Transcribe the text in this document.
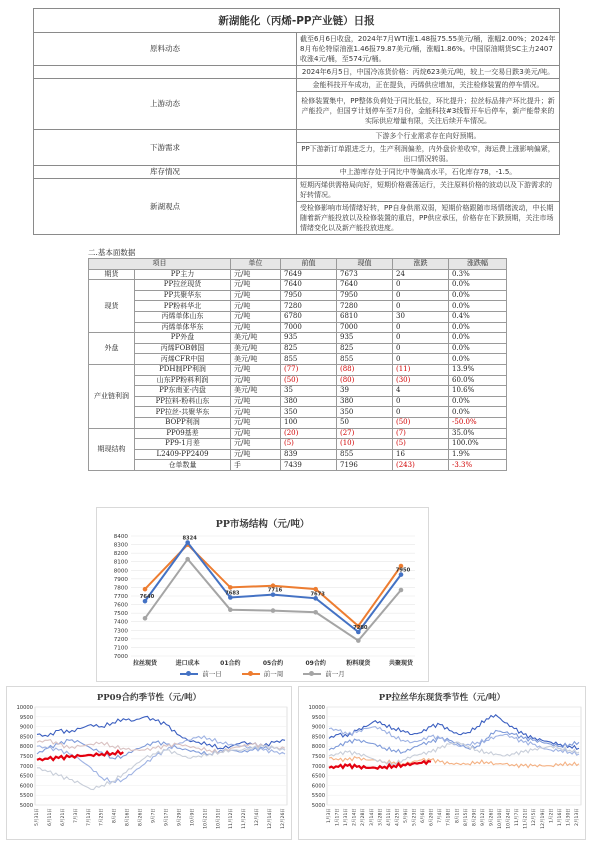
新湖能化（丙烯-PP产业链）日报	
原料动态	截至6月6日收盘，2024年7月WTI涨1.48报75.55美元/桶，涨幅2.00%；2024年8月布伦特原油涨1.46报79.87美元/桶，涨幅1.86%。中国原油期货SC主力2407收涨4元/桶，至574元/桶。
	2024年6月5日，中国冷冻货价格：丙烷623美元/吨，较上一交易日跌3美元/吨。
上游动态	金能科技开车成功，正在提负，丙烯供应增加，关注检修装置的停车情况。
	检修装置集中，PP整体负荷处于同比低位，环比提升；拉丝标品排产环比提升；新产能投产，但国亨计划停车至7月份，金能科技#3线暂开车后停车，新产能带来的实际供应增量有限，关注后续开车情况。
下游需求	下游多个行业需求存在向好预期。
	PP下游新订单跟进乏力，生产利润偏差，内外盘价差收窄，海运费上涨影响偏紧，出口情况转弱。
库存情况	中上游库存处于同比中等偏高水平，石化库存78，-1.5。
新湖观点	短期丙烯供需格局向好，短期价格震荡运行，关注原料价格的波动以及下游需求的好转情况。
	受检修影响市场情绪好转，PP自身供需双弱，短期价格跟随市场情绪波动，中长期随着新产能投放以及检修装置的重启，PP供应承压，价格存在下跌预期，关注市场情绪变化以及新产能投放进度。
二.基本面数据
项目		单位	前值	现值	涨跌	涨跌幅
期货	PP主力	元/吨	7649	7673	24	0.3%
现货	PP拉丝现货	元/吨	7640	7640	0	0.0%
	PP共聚华东	元/吨	7950	7950	0	0.0%
	PP粉料华北	元/吨	7280	7280	0	0.0%
	丙烯单体山东	元/吨	6780	6810	30	0.4%
	丙烯单体华东	元/吨	7000	7000	0	0.0%
外盘	PP外盘	美元/吨	935	935	0	0.0%
	丙烯FOB韩国	美元/吨	825	825	0	0.0%
	丙烯CFR中国	美元/吨	855	855	0	0.0%
产业链利润	PDH制PP利润	元/吨	(77)	(88)	(11)	13.9%
	山东PP粉料利润	元/吨	(50)	(80)	(30)	60.0%
	PP东南亚-内盘	美元/吨	35	39	4	10.6%
	PP拉料-粉料山东	元/吨	380	380	0	0.0%
	PP拉丝-共聚华东	元/吨	350	350	0	0.0%
	BOPP利润	元/吨	100	50	(50)	-50.0%
期现结构	PP09基差	元/吨	(20)	(27)	(7)	35.0%
	PP9-1月差	元/吨	(5)	(10)	(5)	100.0%
	L2409-PP2409	元/吨	839	855	16	1.9%
	仓单数量	手	7439	7196	(243)	-3.3%
PP市场结构（元/吨）
7000
7100
7200
7300
7400
7500
7600
7700
7800
7900
8000
8100
8200
8300
8400
拉丝现货	进口成本	01合约	05合约	09合约	粉料现货	共聚现货
7640
8324
7683	7716
7673
7280
7950
前一日	前一周	前一月
PP09合约季节性（元/吨）
5000
5500
6000
6500
7000
7500
8000
8500
9000
9500
10000
5月31日	6月11日	6月21日	7月3日	7月13日	7月25日	8月4日	8月16日	8月26日	9月7日	9月17日	9月29日	10月9日	10月21日	10月31日	11月12日	11月22日	12月4日	12月14日	12月26日
PP拉丝华东现货季节性（元/吨）
5000
5500
6000
6500
7000
7500
8000
8500
9000
9500
10000
1月3日 1月17日 1月31日 2月14日 2月28日 3月14日 3月28日 4月11日 4月25日 5月9日 5月23日 6月6日 6月20日 7月4日 7月18日 8月1日 8月15日 8月29日 9月12日 9月26日 10月10日 10月24日 11月7日 11月21日 12月5日 12月19日 1月2日 1月16日 1月30日 2月13日
